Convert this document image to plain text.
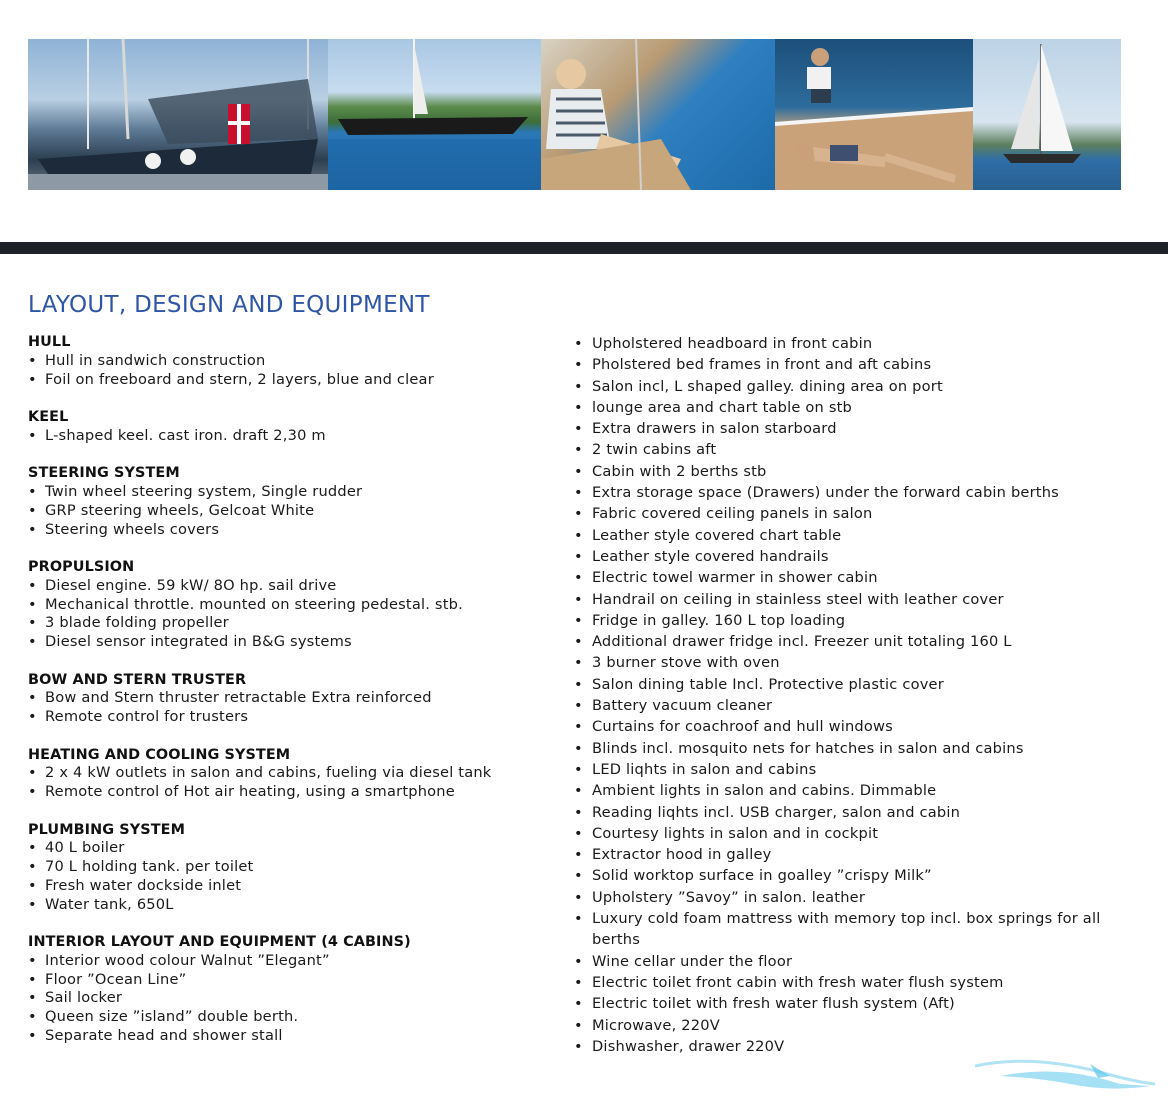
LAYOUT, DESIGN AND EQUIPMENT
HULL
• Hull in sandwich construction
• Foil on freeboard and stern, 2 layers, blue and clear
KEEL
• L-shaped keel. cast iron. draft 2,30 m
STEERING SYSTEM
• Twin wheel steering system, Single rudder
• GRP steering wheels, Gelcoat White
• Steering wheels covers
PROPULSION
• Diesel engine. 59 kW/ 8O hp. sail drive
• Mechanical throttle. mounted on steering pedestal. stb.
• 3 blade folding propeller
• Diesel sensor integrated in B&G systems
BOW AND STERN TRUSTER
• Bow and Stern thruster retractable Extra reinforced
• Remote control for trusters
HEATING AND COOLING SYSTEM
• 2 x 4 kW outlets in salon and cabins, fueling via diesel tank
• Remote control of Hot air heating, using a smartphone
PLUMBING SYSTEM
• 40 L boiler
• 70 L holding tank. per toilet
• Fresh water dockside inlet
• Water tank, 650L
INTERIOR LAYOUT AND EQUIPMENT (4 CABINS)
• Interior wood colour Walnut ”Elegant”
• Floor ”Ocean Line”
• Sail locker
• Queen size ”island” double berth.
• Separate head and shower stall
• Upholstered headboard in front cabin
• Pholstered bed frames in front and aft cabins
• Salon incl, L shaped galley. dining area on port
• lounge area and chart table on stb
• Extra drawers in salon starboard
• 2 twin cabins aft
• Cabin with 2 berths stb
• Extra storage space (Drawers) under the forward cabin berths
• Fabric covered ceiling panels in salon
• Leather style covered chart table
• Leather style covered handrails
• Electric towel warmer in shower cabin
• Handrail on ceiling in stainless steel with leather cover
• Fridge in galley. 160 L top loading
• Additional drawer fridge incl. Freezer unit totaling 160 L
• 3 burner stove with oven
• Salon dining table Incl. Protective plastic cover
• Battery vacuum cleaner
• Curtains for coachroof and hull windows
• Blinds incl. mosquito nets for hatches in salon and cabins
• LED liqhts in salon and cabins
• Ambient lights in salon and cabins. Dimmable
• Reading liqhts incl. USB charger, salon and cabin
• Courtesy lights in salon and in cockpit
• Extractor hood in galley
• Solid worktop surface in goalley ”crispy Milk”
• Upholstery ”Savoy” in salon. leather
• Luxury cold foam mattress with memory top incl. box springs for all berths
• Wine cellar under the floor
• Electric toilet front cabin with fresh water flush system
• Electric toilet with fresh water flush system (Aft)
• Microwave, 220V
• Dishwasher, drawer 220V
